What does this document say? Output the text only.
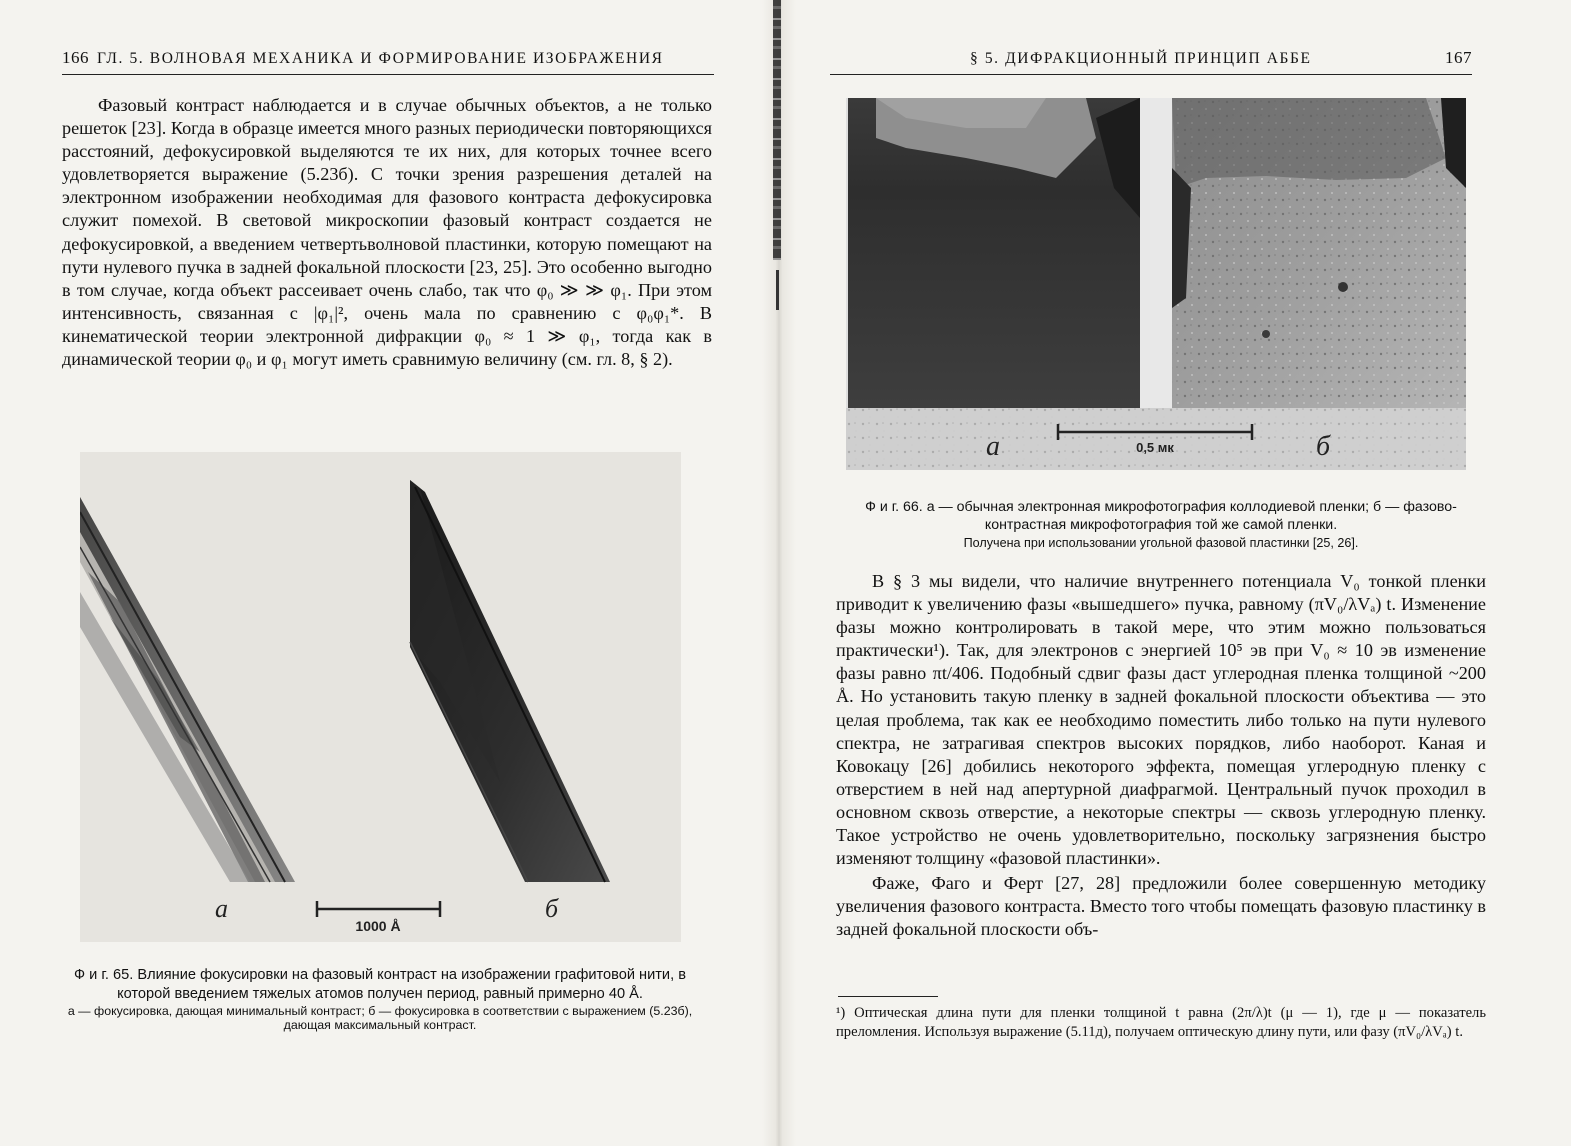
166 ГЛ. 5. ВОЛНОВАЯ МЕХАНИКА И ФОРМИРОВАНИЕ ИЗОБРАЖЕНИЯ

Фазовый контраст наблюдается и в случае обычных объектов, а не только решеток [23]. Когда в образце имеется много разных периодически повторяющихся расстояний, дефокусировкой выделяются те их них, для которых точнее всего удовлетворяется выражение (5.23б). С точки зрения разрешения деталей на электронном изображении необходимая для фазового контраста дефокусировка служит помехой. В световой микроскопии фазовый контраст создается не дефокусировкой, а введением четвертьволновой пластинки, которую помещают на пути нулевого пучка в задней фокальной плоскости [23, 25]. Это особенно выгодно в том случае, когда объект рассеивает очень слабо, так что φ₀ ≫ ≫ φ₁. При этом интенсивность, связанная с |φ₁|², очень мала по сравнению с φ₀φ₁*. В кинематической теории электронной дифракции φ₀ ≈ 1 ≫ φ₁, тогда как в динамической теории φ₀ и φ₁ могут иметь сравнимую величину (см. гл. 8, § 2).

a	б
1000 Å
Ф и г. 65. Влияние фокусировки на фазовый контраст на изображении графитовой нити, в которой введением тяжелых атомов получен период, равный примерно 40 Å.
а — фокусировка, дающая минимальный контраст; б — фокусировка в соответствии с выражением (5.23б), дающая максимальный контраст.
§ 5. ДИФРАКЦИОННЫЙ ПРИНЦИП АББЕ	167
a	б
0,5 мк
Ф и г. 66. а — обычная электронная микрофотография коллодиевой пленки; б — фазово-контрастная микрофотография той же самой пленки.
Получена при использовании угольной фазовой пластинки [25, 26].

В § 3 мы видели, что наличие внутреннего потенциала V₀ тонкой пленки приводит к увеличению фазы «вышедшего» пучка, равному (πV₀/λVₐ) t. Изменение фазы можно контролировать в такой мере, что этим можно пользоваться практически¹). Так, для электронов с энергией 10⁵ эв при V₀ ≈ 10 эв изменение фазы равно πt/406. Подобный сдвиг фазы даст углеродная пленка толщиной ~200 Å. Но установить такую пленку в задней фокальной плоскости объектива — это целая проблема, так как ее необходимо поместить либо только на пути нулевого спектра, не затрагивая спектров высоких порядков, либо наоборот. Каная и Ковокацу [26] добились некоторого эффекта, помещая углеродную пленку с отверстием в ней над апертурной диафрагмой. Центральный пучок проходил в основном сквозь отверстие, а некоторые спектры — сквозь углеродную пленку. Такое устройство не очень удовлетворительно, поскольку загрязнения быстро изменяют толщину «фазовой пластинки».

Фаже, Фаго и Ферт [27, 28] предложили более совершенную методику увеличения фазового контраста. Вместо того чтобы помещать фазовую пластинку в задней фокальной плоскости объ-

¹) Оптическая длина пути для пленки толщиной t равна (2π/λ)t (μ — 1), где μ — показатель преломления. Используя выражение (5.11д), получаем оптическую длину пути, или фазу (πV₀/λVₐ) t.
